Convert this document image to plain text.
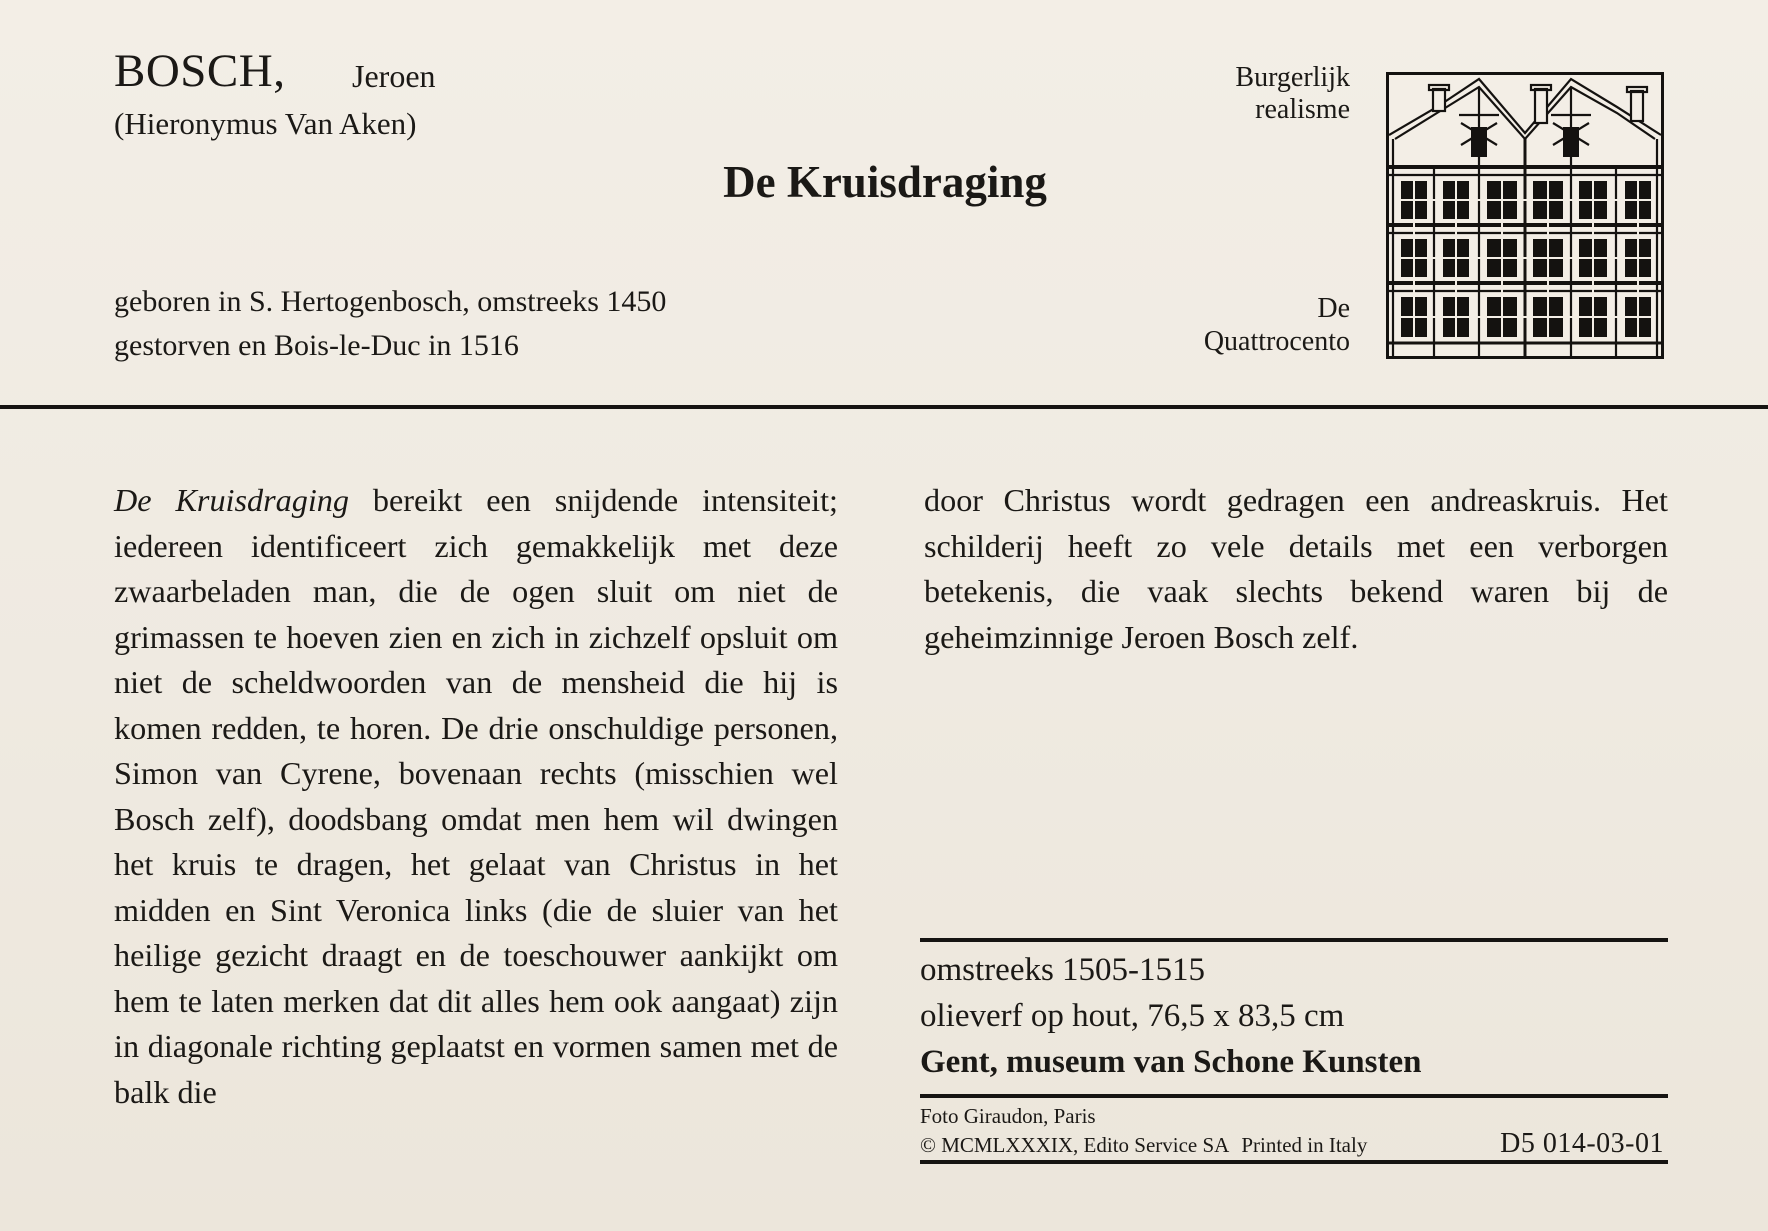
BOSCH, Jeroen
(Hieronymus Van Aken)
De Kruisdraging
geboren in S. Hertogenbosch, omstreeks 1450
gestorven en Bois-le-Duc in 1516
Burgerlijk
realisme
De
Quattrocento

De Kruisdraging bereikt een snijdende intensiteit; iedereen identificeert zich gemakkelijk met deze zwaarbeladen man, die de ogen sluit om niet de grimassen te hoeven zien en zich in zichzelf opsluit om niet de scheldwoorden van de mensheid die hij is komen redden, te horen. De drie onschuldige personen, Simon van Cyrene, bovenaan rechts (misschien wel Bosch zelf), doodsbang omdat men hem wil dwingen het kruis te dragen, het gelaat van Christus in het midden en Sint Veronica links (die de sluier van het heilige gezicht draagt en de toeschouwer aankijkt om hem te laten merken dat dit alles hem ook aangaat) zijn in diagonale richting geplaatst en vormen samen met de balk die

door Christus wordt gedragen een andreaskruis. Het schilderij heeft zo vele details met een verborgen betekenis, die vaak slechts bekend waren bij de geheimzinnige Jeroen Bosch zelf.

omstreeks 1505-1515
olieverf op hout, 76,5 x 83,5 cm
Gent, museum van Schone Kunsten
Foto Giraudon, Paris
© MCMLXXXIX, Edito Service SA Printed in Italy	D5 014-03-01
